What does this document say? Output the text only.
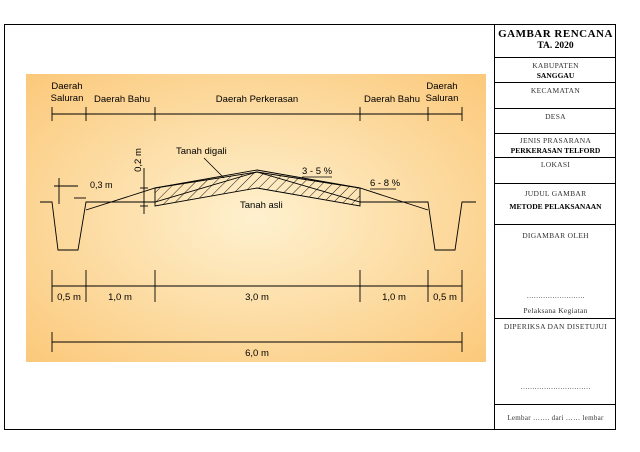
Daerah
Saluran Daerah Bahu	Daerah Perkerasan	Daerah Bahu
Daerah
Saluran
0,2 m
0,3 m
Tanah digali
3 - 5 %
6 - 8 %
Tanah asli
0,5 m	1,0 m	3,0 m	1,0 m	0,5 m
6,0 m
GAMBAR RENCANA
TA. 2020
KABUPATEN
SANGGAU
KECAMATAN
DESA
JENIS PRASARANA
PERKERASAN TELFORD
LOKASI
JUDUL GAMBAR
METODE PELAKSANAAN
DIGAMBAR OLEH
…………………….
Pelaksana Kegiatan
DIPERIKSA DAN DISETUJUI
…………………………
Lembar ……. dari …… lembar
